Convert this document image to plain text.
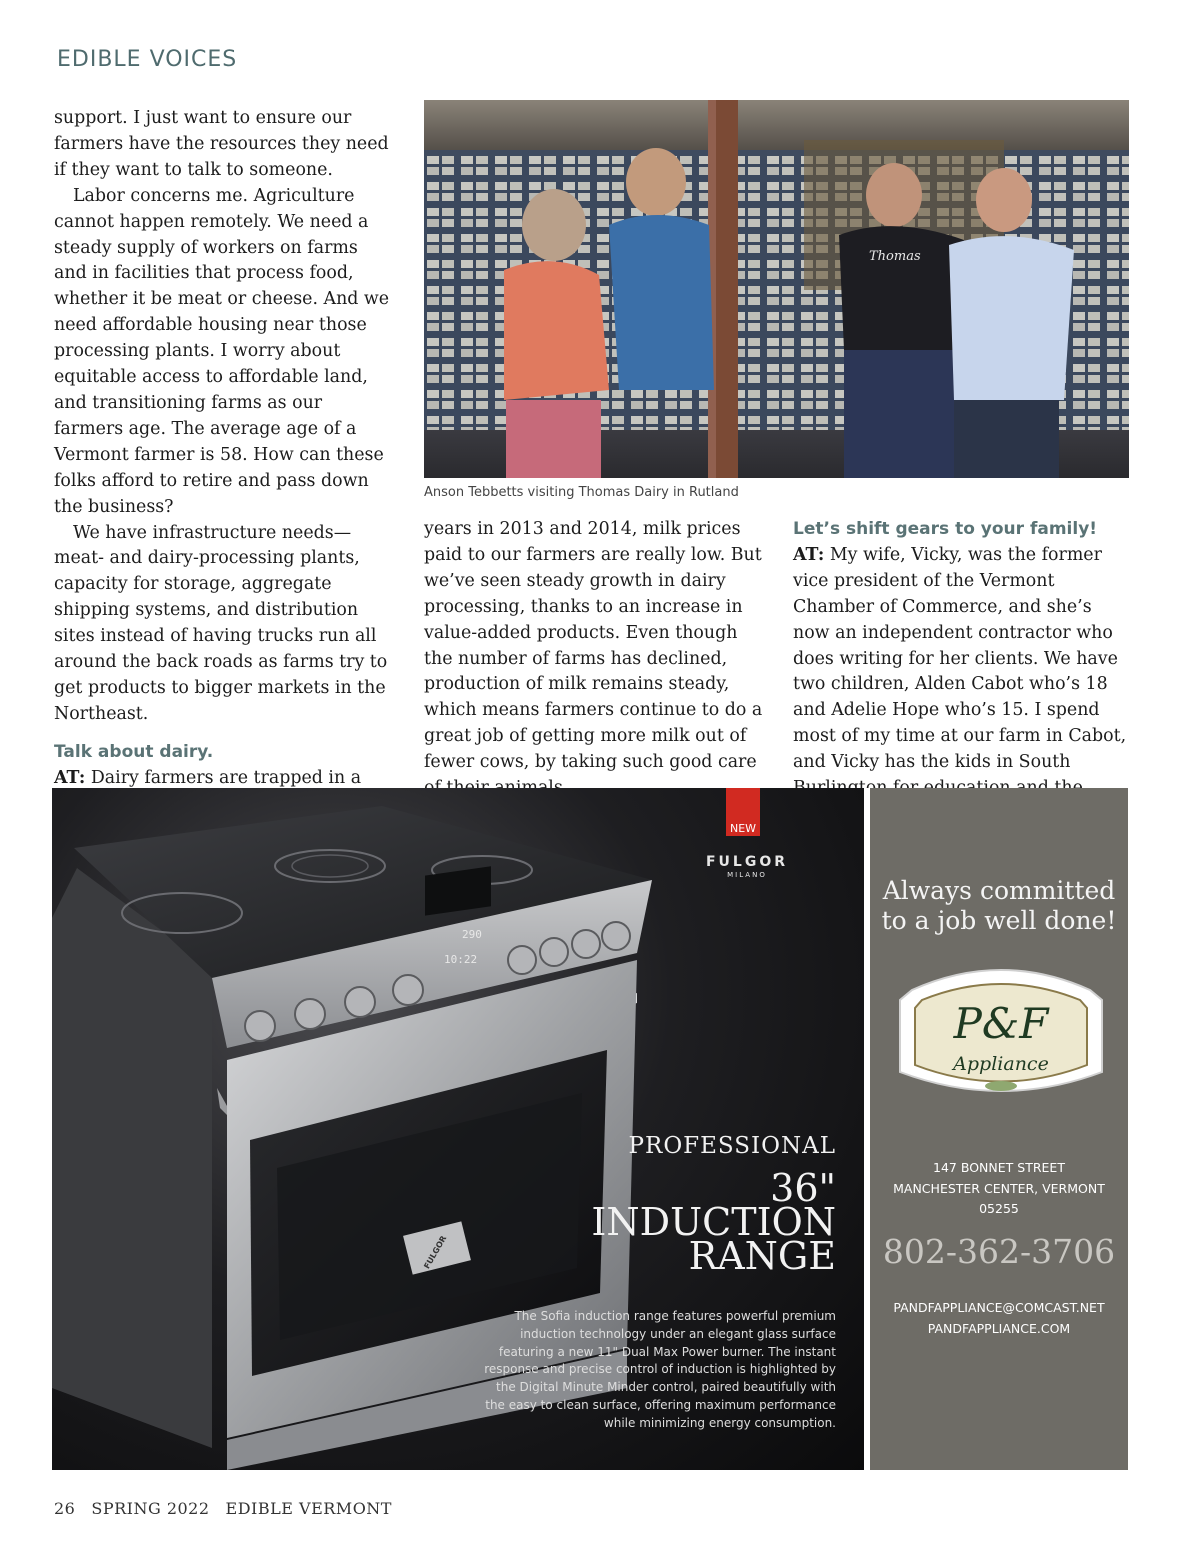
EDIBLE VOICES

support. I just want to ensure our farmers have the resources they need if they want to talk to someone.

Labor concerns me. Agriculture cannot happen remotely. We need a steady supply of workers on farms and in facilities that process food, whether it be meat or cheese. And we need affordable housing near those processing plants. I worry about equitable access to affordable land, and transitioning farms as our farmers age. The average age of a Vermont farmer is 58. How can these folks afford to retire and pass down the business?

We have infrastructure needs—meat- and dairy-processing plants, capacity for storage, aggregate shipping systems, and distribution sites instead of having trucks run all around the back roads as farms try to get products to bigger markets in the Northeast.

Talk about dairy.

AT: Dairy farmers are trapped in a

Thomas
Anson Tebbetts visiting Thomas Dairy in Rutland

years in 2013 and 2014, milk prices paid to our farmers are really low. But we’ve seen steady growth in dairy processing, thanks to an increase in value-added products. Even though the number of farms has declined, production of milk remains steady, which means farmers continue to do a great job of getting more milk out of fewer cows, by taking such good care

Let’s shift gears to your family!

AT: My wife, Vicky, was the former vice president of the Vermont Chamber of Commerce, and she’s now an independent contractor who does writing for her clients. We have two children, Alden Cabot who’s 18 and Adelie Hope who’s 15. I spend most of my time at our farm in Cabot, and Vicky has the kids in South

290
10:22
FULGOR
NEW
FULGOR
MILANO
PROFESSIONAL
36"
INDUCTION
RANGE
The Sofia induction range features powerful premium induction technology under an elegant glass surface featuring a new 11" Dual Max Power burner. The instant response and precise control of induction is highlighted by the Digital Minute Minder control, paired beautifully with the easy to clean surface, offering maximum performance while minimizing energy consumption.
Always committed
to a job well done!
P&F
Appliance
147 BONNET STREET
MANCHESTER CENTER, VERMONT
05255
802-362-3706
PANDFAPPLIANCE@COMCAST.NET
PANDFAPPLIANCE.COM
26 SPRING 2022 EDIBLE VERMONT
